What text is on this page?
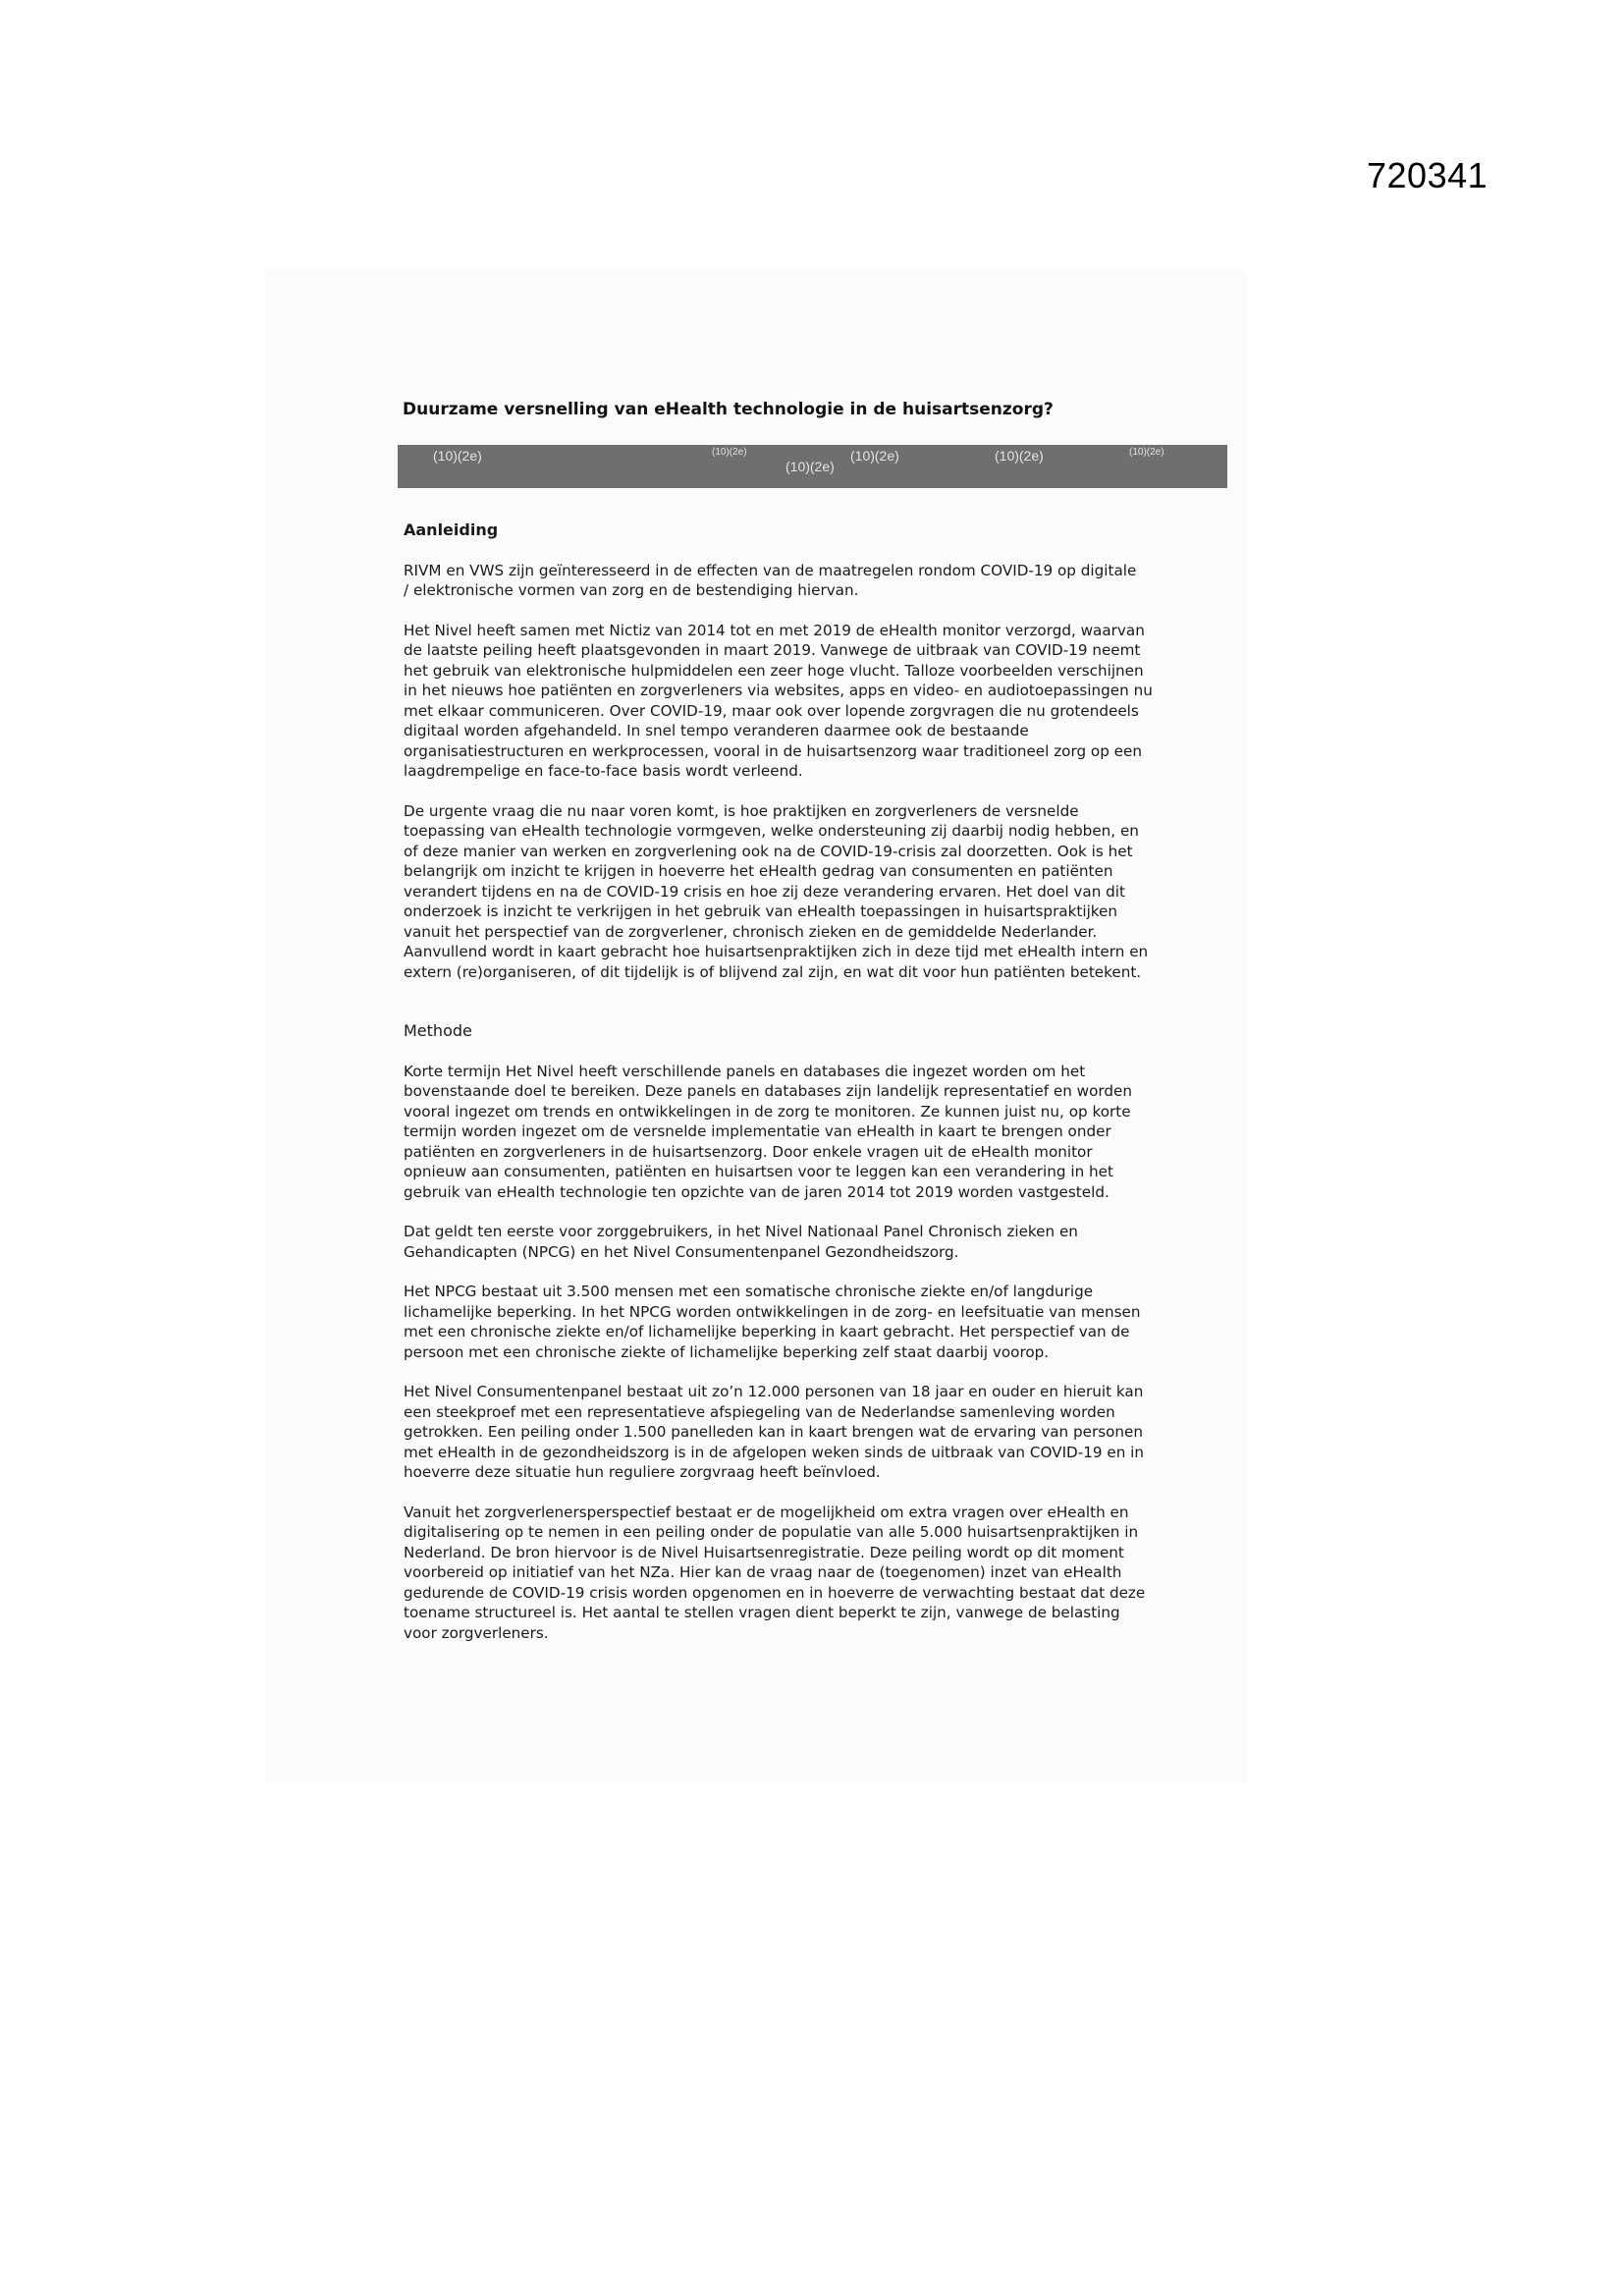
720341
Duurzame versnelling van eHealth technologie in de huisartsenzorg?
(10)(2e)	(10)(2e)
(10)(2e)
(10)(2e)	(10)(2e)	(10)(2e)
Aanleiding

RIVM en VWS zijn geïnteresseerd in de effecten van de maatregelen rondom COVID-19 op digitale
/ elektronische vormen van zorg en de bestendiging hiervan.

Het Nivel heeft samen met Nictiz van 2014 tot en met 2019 de eHealth monitor verzorgd, waarvan
de laatste peiling heeft plaatsgevonden in maart 2019. Vanwege de uitbraak van COVID-19 neemt
het gebruik van elektronische hulpmiddelen een zeer hoge vlucht. Talloze voorbeelden verschijnen
in het nieuws hoe patiënten en zorgverleners via websites, apps en video- en audiotoepassingen nu
met elkaar communiceren. Over COVID-19, maar ook over lopende zorgvragen die nu grotendeels
digitaal worden afgehandeld. In snel tempo veranderen daarmee ook de bestaande
organisatiestructuren en werkprocessen, vooral in de huisartsenzorg waar traditioneel zorg op een
laagdrempelige en face-to-face basis wordt verleend.

De urgente vraag die nu naar voren komt, is hoe praktijken en zorgverleners de versnelde
toepassing van eHealth technologie vormgeven, welke ondersteuning zij daarbij nodig hebben, en
of deze manier van werken en zorgverlening ook na de COVID-19-crisis zal doorzetten. Ook is het
belangrijk om inzicht te krijgen in hoeverre het eHealth gedrag van consumenten en patiënten
verandert tijdens en na de COVID-19 crisis en hoe zij deze verandering ervaren. Het doel van dit
onderzoek is inzicht te verkrijgen in het gebruik van eHealth toepassingen in huisartspraktijken
vanuit het perspectief van de zorgverlener, chronisch zieken en de gemiddelde Nederlander.
Aanvullend wordt in kaart gebracht hoe huisartsenpraktijken zich in deze tijd met eHealth intern en
extern (re)organiseren, of dit tijdelijk is of blijvend zal zijn, en wat dit voor hun patiënten betekent.

Methode

Korte termijn Het Nivel heeft verschillende panels en databases die ingezet worden om het
bovenstaande doel te bereiken. Deze panels en databases zijn landelijk representatief en worden
vooral ingezet om trends en ontwikkelingen in de zorg te monitoren. Ze kunnen juist nu, op korte
termijn worden ingezet om de versnelde implementatie van eHealth in kaart te brengen onder
patiënten en zorgverleners in de huisartsenzorg. Door enkele vragen uit de eHealth monitor
opnieuw aan consumenten, patiënten en huisartsen voor te leggen kan een verandering in het
gebruik van eHealth technologie ten opzichte van de jaren 2014 tot 2019 worden vastgesteld.

Dat geldt ten eerste voor zorggebruikers, in het Nivel Nationaal Panel Chronisch zieken en
Gehandicapten (NPCG) en het Nivel Consumentenpanel Gezondheidszorg.

Het NPCG bestaat uit 3.500 mensen met een somatische chronische ziekte en/of langdurige
lichamelijke beperking. In het NPCG worden ontwikkelingen in de zorg- en leefsituatie van mensen
met een chronische ziekte en/of lichamelijke beperking in kaart gebracht. Het perspectief van de
persoon met een chronische ziekte of lichamelijke beperking zelf staat daarbij voorop.

Het Nivel Consumentenpanel bestaat uit zo’n 12.000 personen van 18 jaar en ouder en hieruit kan
een steekproef met een representatieve afspiegeling van de Nederlandse samenleving worden
getrokken. Een peiling onder 1.500 panelleden kan in kaart brengen wat de ervaring van personen
met eHealth in de gezondheidszorg is in de afgelopen weken sinds de uitbraak van COVID-19 en in
hoeverre deze situatie hun reguliere zorgvraag heeft beïnvloed.

Vanuit het zorgverlenersperspectief bestaat er de mogelijkheid om extra vragen over eHealth en
digitalisering op te nemen in een peiling onder de populatie van alle 5.000 huisartsenpraktijken in
Nederland. De bron hiervoor is de Nivel Huisartsenregistratie. Deze peiling wordt op dit moment
voorbereid op initiatief van het NZa. Hier kan de vraag naar de (toegenomen) inzet van eHealth
gedurende de COVID-19 crisis worden opgenomen en in hoeverre de verwachting bestaat dat deze
toename structureel is. Het aantal te stellen vragen dient beperkt te zijn, vanwege de belasting
voor zorgverleners.
